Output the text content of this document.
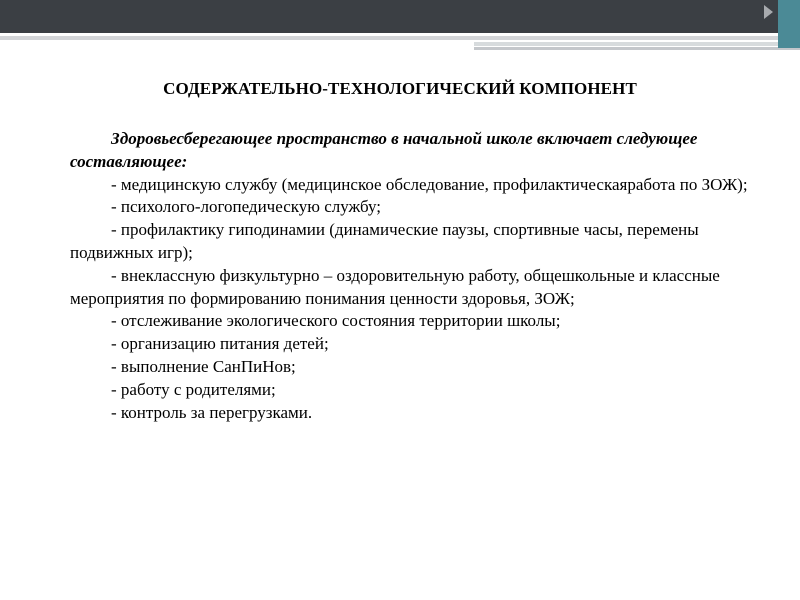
СОДЕРЖАТЕЛЬНО-ТЕХНОЛОГИЧЕСКИЙ КОМПОНЕНТ

Здоровьесберегающее пространство в начальной школе включает следующее составляющее:

- медицинскую службу (медицинское обследование, профилактическаяработа по ЗОЖ);

- психолого-логопедическую службу;

- профилактику гиподинамии (динамические паузы, спортивные часы, перемены подвижных игр);

- внеклассную физкультурно – оздоровительную работу, общешкольные и классные мероприятия по формированию понимания ценности здоровья, ЗОЖ;

- отслеживание экологического состояния территории школы;

- организацию питания детей;

- выполнение СанПиНов;

- работу с родителями;

- контроль за перегрузками.
